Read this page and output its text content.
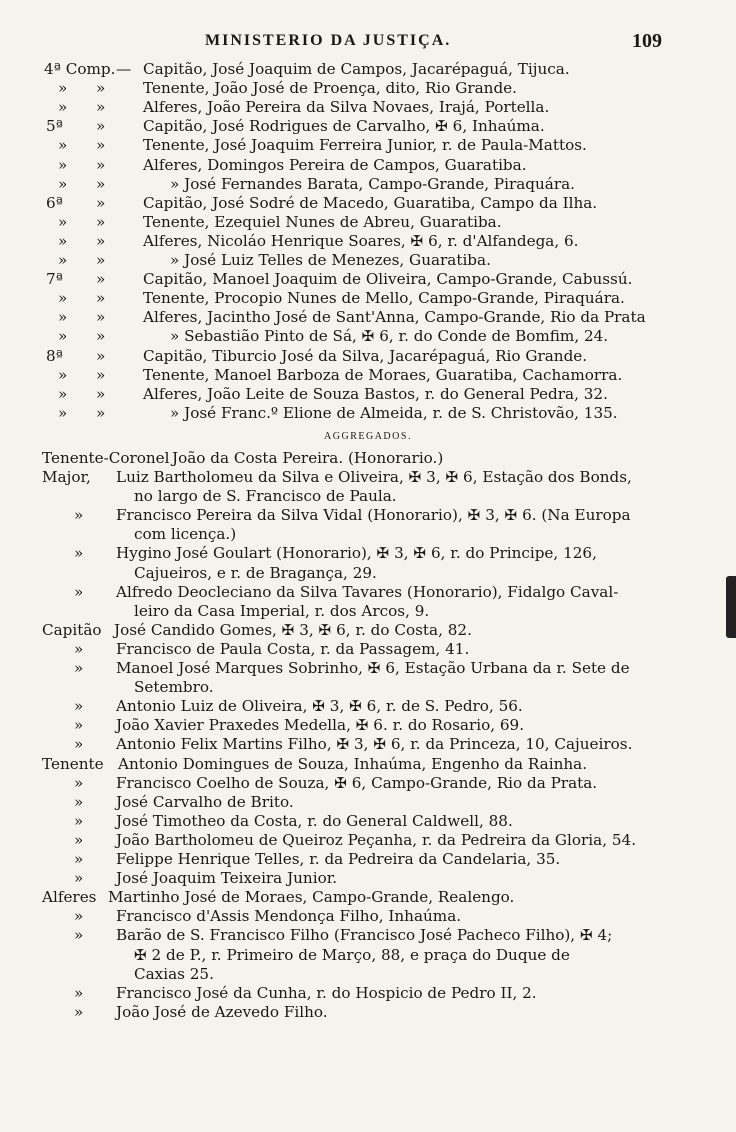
MINISTERIO DA JUSTIÇA.	109
4ª Comp. — Capitão, José Joaquim de Campos, Jacarépaguá, Tijuca.
» » Tenente, João José de Proença, dito, Rio Grande.
» » Alferes, João Pereira da Silva Novaes, Irajá, Portella.
5ª » Capitão, José Rodrigues de Carvalho, ✠ 6, Inhaúma.
» » Tenente, José Joaquim Ferreira Junior, r. de Paula-Mattos.
» » Alferes, Domingos Pereira de Campos, Guaratiba.
» »	» José Fernandes Barata, Campo-Grande, Piraquára.
6ª » Capitão, José Sodré de Macedo, Guaratiba, Campo da Ilha.
» » Tenente, Ezequiel Nunes de Abreu, Guaratiba.
» » Alferes, Nicoláo Henrique Soares, ✠ 6, r. d'Alfandega, 6.
» »	» José Luiz Telles de Menezes, Guaratiba.
7ª » Capitão, Manoel Joaquim de Oliveira, Campo-Grande, Cabussú.
» » Tenente, Procopio Nunes de Mello, Campo-Grande, Piraquára.
» » Alferes, Jacintho José de Sant'Anna, Campo-Grande, Rio da Prata
» »	» Sebastião Pinto de Sá, ✠ 6, r. do Conde de Bomfim, 24.
8ª » Capitão, Tiburcio José da Silva, Jacarépaguá, Rio Grande.
» » Tenente, Manoel Barboza de Moraes, Guaratiba, Cachamorra.
» » Alferes, João Leite de Souza Bastos, r. do General Pedra, 32.
» »	» José Franc.º Elione de Almeida, r. de S. Christovão, 135.
AGGREGADOS.
Tenente-Coronel João da Costa Pereira. (Honorario.)
Major, Luiz Bartholomeu da Silva e Oliveira, ✠ 3, ✠ 6, Estação dos Bonds,
no largo de S. Francisco de Paula.
» Francisco Pereira da Silva Vidal (Honorario), ✠ 3, ✠ 6. (Na Europa
com licença.)
» Hygino José Goulart (Honorario), ✠ 3, ✠ 6, r. do Principe, 126,
Cajueiros, e r. de Bragança, 29.
» Alfredo Deocleciano da Silva Tavares (Honorario), Fidalgo Caval-
leiro da Casa Imperial, r. dos Arcos, 9.
Capitão José Candido Gomes, ✠ 3, ✠ 6, r. do Costa, 82.
» Francisco de Paula Costa, r. da Passagem, 41.
» Manoel José Marques Sobrinho, ✠ 6, Estação Urbana da r. Sete de
Setembro.
» Antonio Luiz de Oliveira, ✠ 3, ✠ 6, r. de S. Pedro, 56.
» João Xavier Praxedes Medella, ✠ 6. r. do Rosario, 69.
» Antonio Felix Martins Filho, ✠ 3, ✠ 6, r. da Princeza, 10, Cajueiros.
Tenente Antonio Domingues de Souza, Inhaúma, Engenho da Rainha.
» Francisco Coelho de Souza, ✠ 6, Campo-Grande, Rio da Prata.
» José Carvalho de Brito.
» José Timotheo da Costa, r. do General Caldwell, 88.
» João Bartholomeu de Queiroz Peçanha, r. da Pedreira da Gloria, 54.
» Felippe Henrique Telles, r. da Pedreira da Candelaria, 35.
» José Joaquim Teixeira Junior.
Alferes Martinho José de Moraes, Campo-Grande, Realengo.
» Francisco d'Assis Mendonça Filho, Inhaúma.
» Barão de S. Francisco Filho (Francisco José Pacheco Filho), ✠ 4;
✠ 2 de P., r. Primeiro de Março, 88, e praça do Duque de
Caxias 25.
» Francisco José da Cunha, r. do Hospicio de Pedro II, 2.
» João José de Azevedo Filho.
